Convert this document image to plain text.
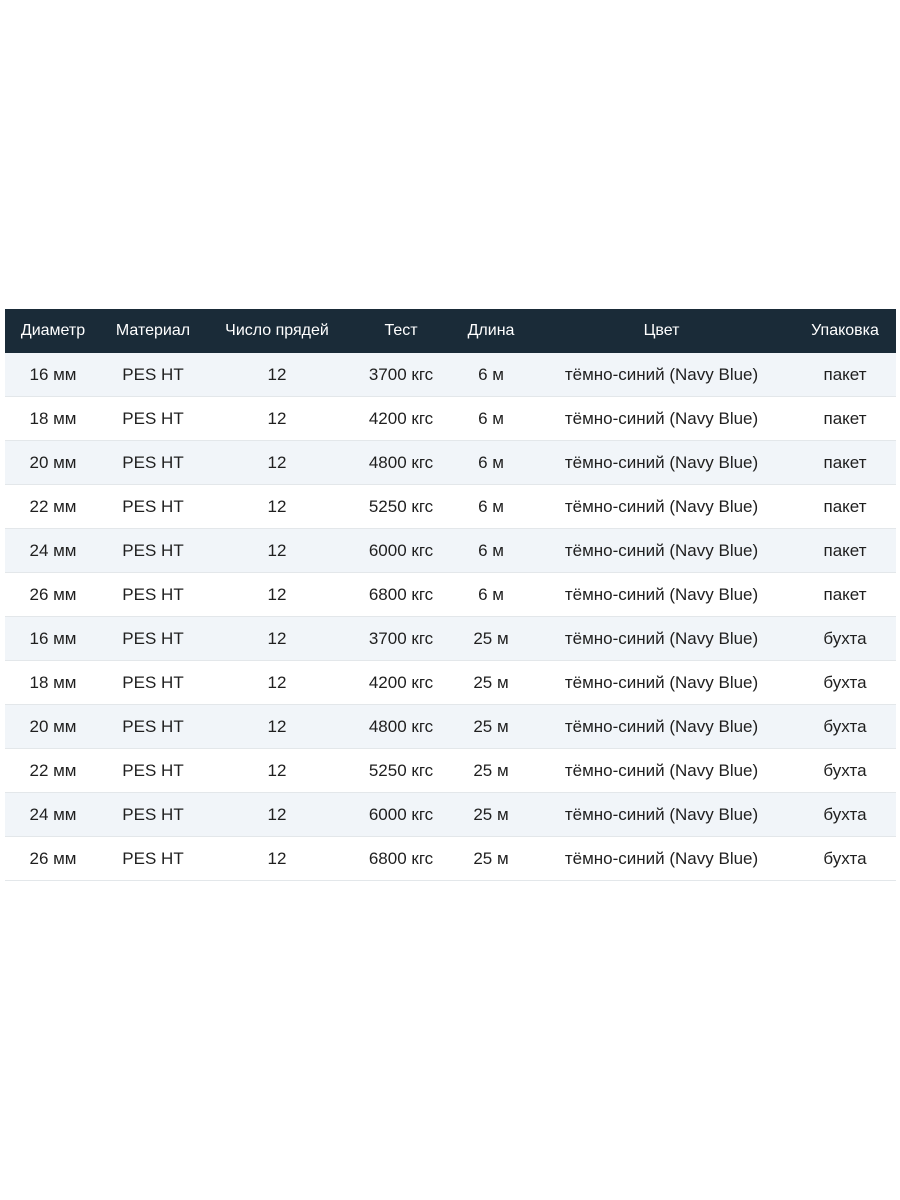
Диаметр	Материал	Число прядей	Тест	Длина	Цвет	Упаковка
16 мм	PES HT	12	3700 кгс	6 м	тёмно-синий (Navy Blue)	пакет
18 мм	PES HT	12	4200 кгс	6 м	тёмно-синий (Navy Blue)	пакет
20 мм	PES HT	12	4800 кгс	6 м	тёмно-синий (Navy Blue)	пакет
22 мм	PES HT	12	5250 кгс	6 м	тёмно-синий (Navy Blue)	пакет
24 мм	PES HT	12	6000 кгс	6 м	тёмно-синий (Navy Blue)	пакет
26 мм	PES HT	12	6800 кгс	6 м	тёмно-синий (Navy Blue)	пакет
16 мм	PES HT	12	3700 кгс	25 м	тёмно-синий (Navy Blue)	бухта
18 мм	PES HT	12	4200 кгс	25 м	тёмно-синий (Navy Blue)	бухта
20 мм	PES HT	12	4800 кгс	25 м	тёмно-синий (Navy Blue)	бухта
22 мм	PES HT	12	5250 кгс	25 м	тёмно-синий (Navy Blue)	бухта
24 мм	PES HT	12	6000 кгс	25 м	тёмно-синий (Navy Blue)	бухта
26 мм	PES HT	12	6800 кгс	25 м	тёмно-синий (Navy Blue)	бухта
